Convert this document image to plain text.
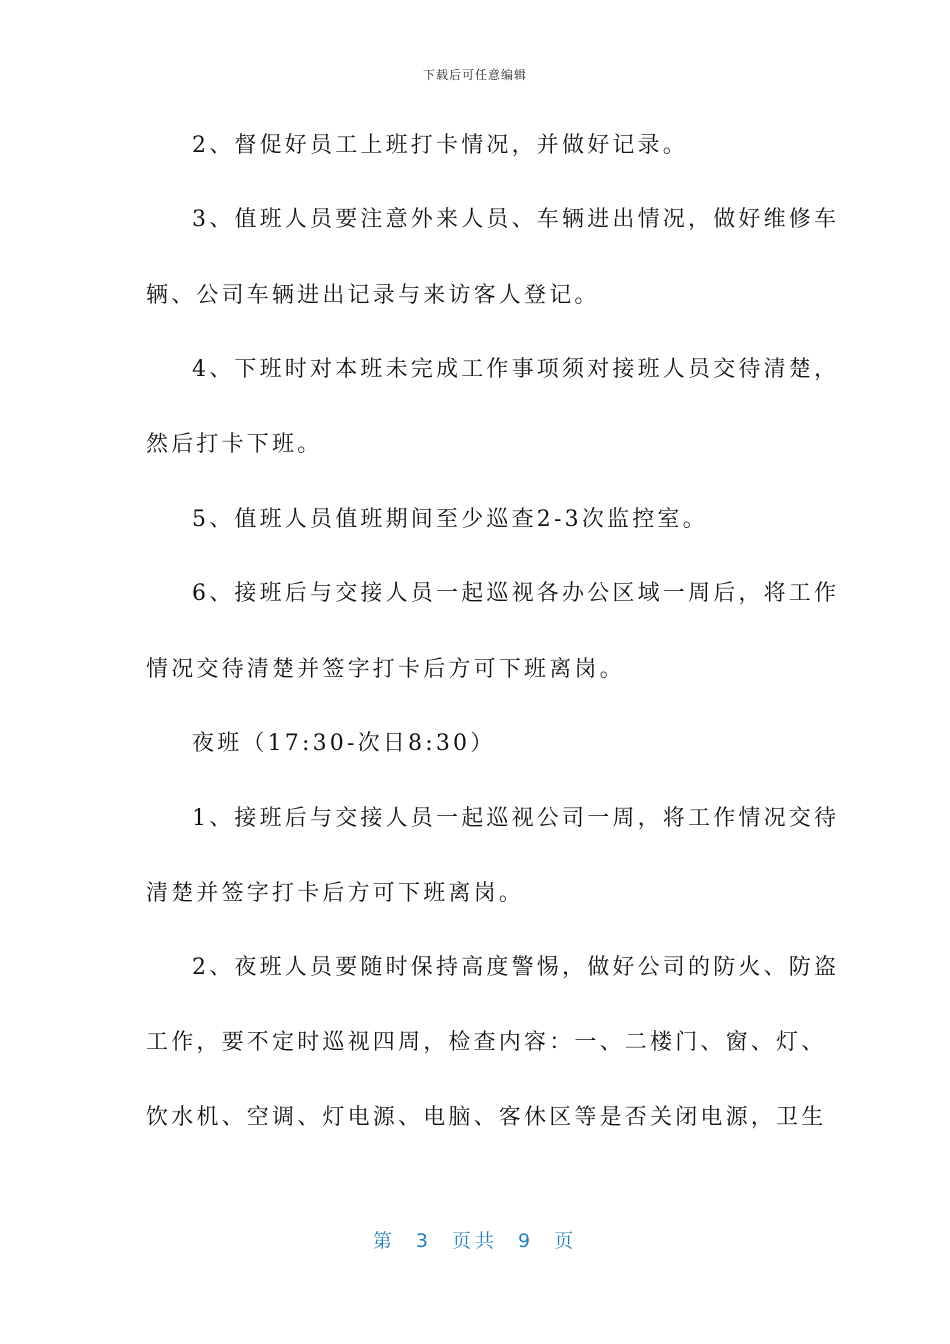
下载后可任意编辑
2、督促好员工上班打卡情况，并做好记录。
3、值班人员要注意外来人员、车辆进出情况，做好维修车
辆、公司车辆进出记录与来访客人登记。
4、下班时对本班未完成工作事项须对接班人员交待清楚，
然后打卡下班。
5、值班人员值班期间至少巡查2-3次监控室。
6、接班后与交接人员一起巡视各办公区域一周后，将工作
情况交待清楚并签字打卡后方可下班离岗。
夜班（17:30-次日8:30）
1、接班后与交接人员一起巡视公司一周，将工作情况交待
清楚并签字打卡后方可下班离岗。
2、夜班人员要随时保持高度警惕，做好公司的防火、防盗
工作，要不定时巡视四周，检查内容：一、二楼门、窗、灯、
饮水机、空调、灯电源、电脑、客休区等是否关闭电源，卫生
第 3 页共 9 页
